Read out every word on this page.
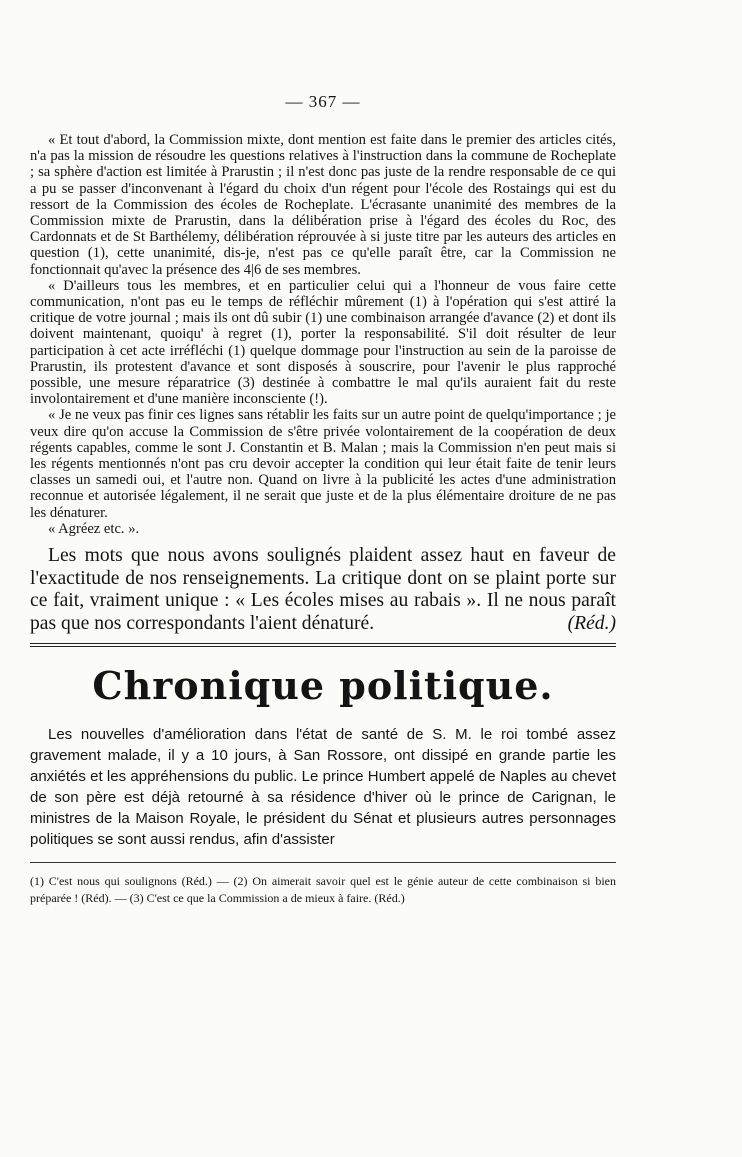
— 367 —

« Et tout d'abord, la Commission mixte, dont mention est faite dans le premier des articles cités, n'a pas la mission de résoudre les questions relatives à l'instruction dans la commune de Rocheplate ; sa sphère d'action est limitée à Prarustin ; il n'est donc pas juste de la rendre responsable de ce qui a pu se passer d'inconvenant à l'égard du choix d'un régent pour l'école des Rostaings qui est du ressort de la Commission des écoles de Rocheplate. L'écrasante unanimité des membres de la Commission mixte de Prarustin, dans la délibération prise à l'égard des écoles du Roc, des Cardonnats et de St Barthélemy, délibération réprouvée à si juste titre par les auteurs des articles en question (1), cette unanimité, dis-je, n'est pas ce qu'elle paraît être, car la Commission ne fonctionnait qu'avec la présence des 4|6 de ses membres.

« D'ailleurs tous les membres, et en particulier celui qui a l'honneur de vous faire cette communication, n'ont pas eu le temps de réfléchir mûrement (1) à l'opération qui s'est attiré la critique de votre journal ; mais ils ont dû subir (1) une combinaison arrangée d'avance (2) et dont ils doivent maintenant, quoiqu' à regret (1), porter la responsabilité. S'il doit résulter de leur participation à cet acte irréfléchi (1) quelque dommage pour l'instruction au sein de la paroisse de Prarustin, ils protestent d'avance et sont disposés à souscrire, pour l'avenir le plus rapproché possible, une mesure réparatrice (3) destinée à combattre le mal qu'ils auraient fait du reste involontairement et d'une manière inconsciente (!).

« Je ne veux pas finir ces lignes sans rétablir les faits sur un autre point de quelqu'importance ; je veux dire qu'on accuse la Commission de s'être privée volontairement de la coopération de deux régents capables, comme le sont J. Constantin et B. Malan ; mais la Commission n'en peut mais si les régents mentionnés n'ont pas cru devoir accepter la condition qui leur était faite de tenir leurs classes un samedi oui, et l'autre non. Quand on livre à la publicité les actes d'une administration reconnue et autorisée légalement, il ne serait que juste et de la plus élémentaire droiture de ne pas les dénaturer.

« Agréez etc. ».

Les mots que nous avons soulignés plaident assez haut en faveur de l'exactitude de nos renseignements. La critique dont on se plaint porte sur ce fait, vraiment unique : « Les écoles mises au rabais ». Il ne nous paraît pas que nos correspondants l'aient dénaturé.	(Réd.)
Chronique politique.

Les nouvelles d'amélioration dans l'état de santé de S. M. le roi tombé assez gravement malade, il y a 10 jours, à San Rossore, ont dissipé en grande partie les anxiétés et les appréhensions du public. Le prince Humbert appelé de Naples au chevet de son père est déjà retourné à sa résidence d'hiver où le prince de Carignan, le ministres de la Maison Royale, le président du Sénat et plusieurs autres personnages politiques se sont aussi rendus, afin d'assister

(1) C'est nous qui soulignons (Réd.) — (2) On aimerait savoir quel est le génie auteur de cette combinaison si bien préparée ! (Réd). — (3) C'est ce que la Commission a de mieux à faire. (Réd.)
